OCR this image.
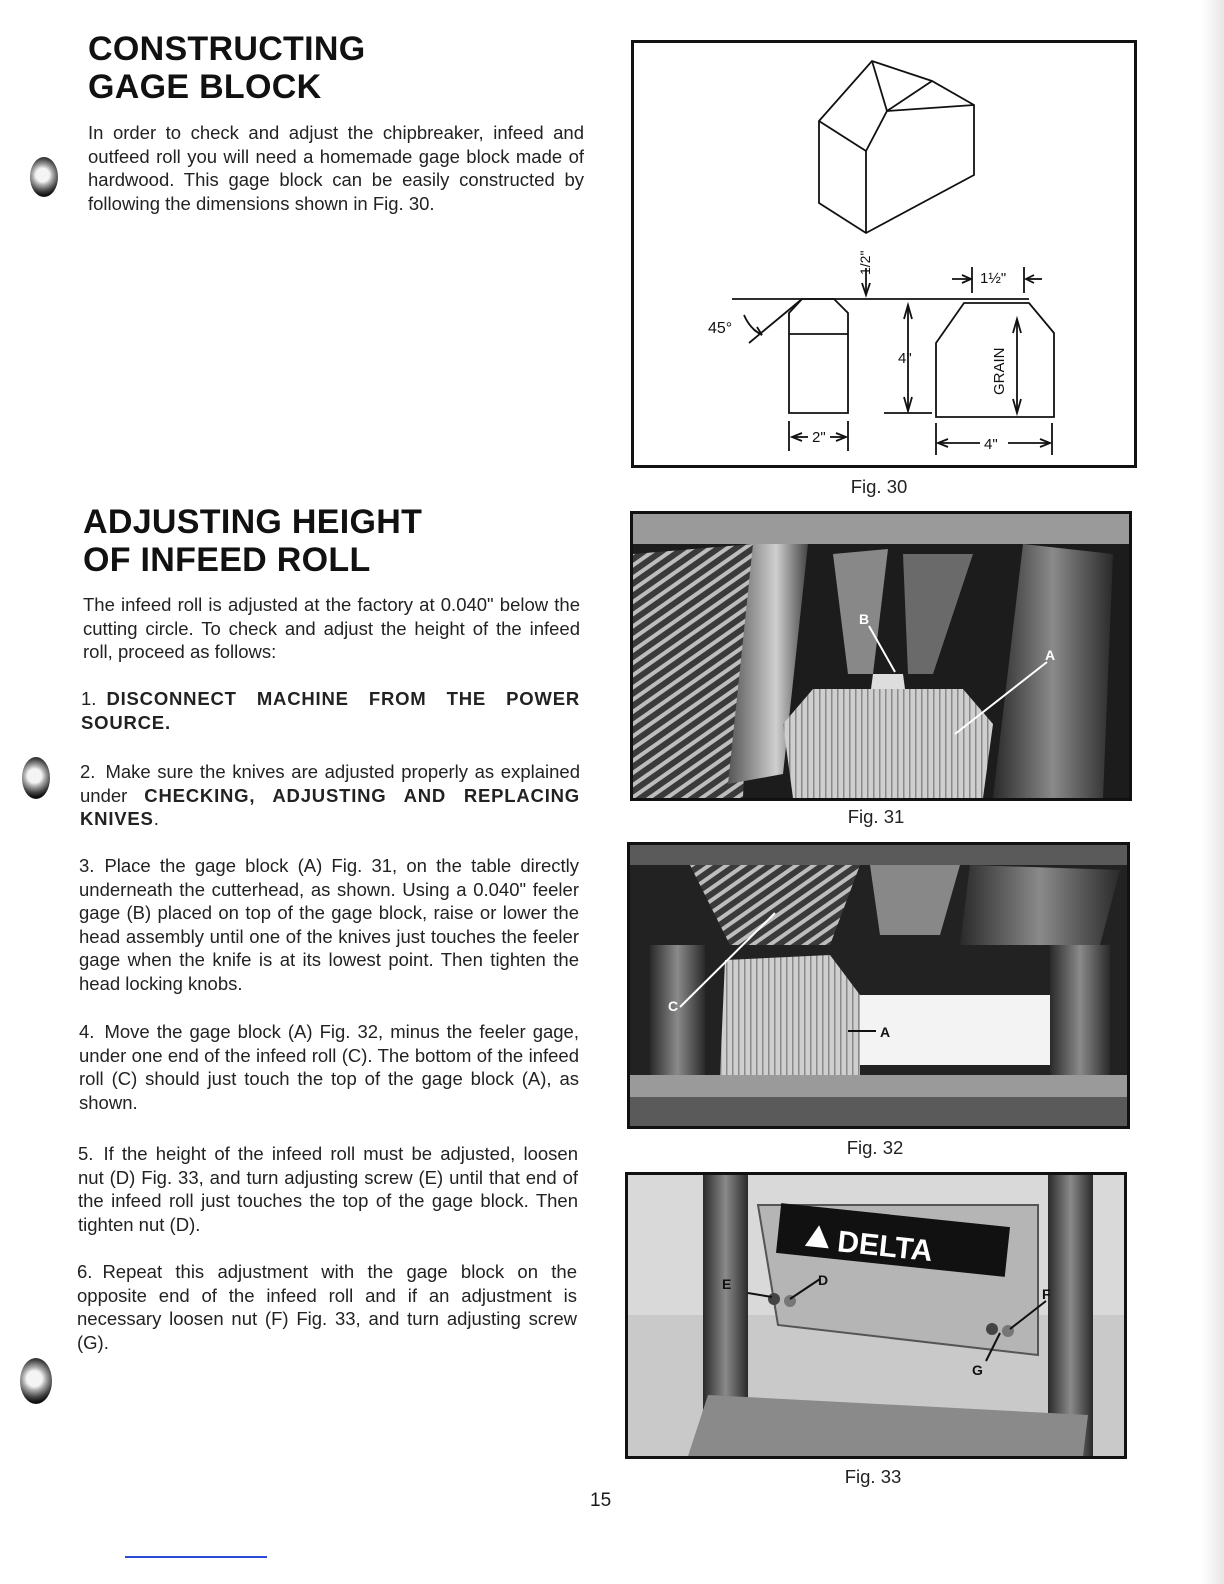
CONSTRUCTING
GAGE BLOCK

In order to check and adjust the chipbreaker, infeed and outfeed roll you will need a homemade gage block made of hardwood. This gage block can be easily constructed by following the dimensions shown in Fig. 30.

ADJUSTING HEIGHT
OF INFEED ROLL

The infeed roll is adjusted at the factory at 0.040" below the cutting circle. To check and adjust the height of the infeed roll, proceed as follows:

1. DISCONNECT MACHINE FROM THE POWER SOURCE.

2. Make sure the knives are adjusted properly as explained under CHECKING, ADJUSTING AND REPLACING KNIVES.

3. Place the gage block (A) Fig. 31, on the table directly underneath the cutterhead, as shown. Using a 0.040" feeler gage (B) placed on top of the gage block, raise or lower the head assembly until one of the knives just touches the feeler gage when the knife is at its lowest point. Then tighten the head locking knobs.

4. Move the gage block (A) Fig. 32, minus the feeler gage, under one end of the infeed roll (C). The bottom of the infeed roll (C) should just touch the top of the gage block (A), as shown.

5. If the height of the infeed roll must be adjusted, loosen nut (D) Fig. 33, and turn adjusting screw (E) until that end of the infeed roll just touches the top of the gage block. Then tighten nut (D).

6. Repeat this adjustment with the gage block on the opposite end of the infeed roll and if an adjustment is necessary loosen nut (F) Fig. 33, and turn adjusting screw (G).

45°
1/2"
1½"
4"	GRAIN
2"	4"
Fig. 30
B
A
Fig. 31
C
A
Fig. 32
DELTA
E	D
F
G
Fig. 33
15
